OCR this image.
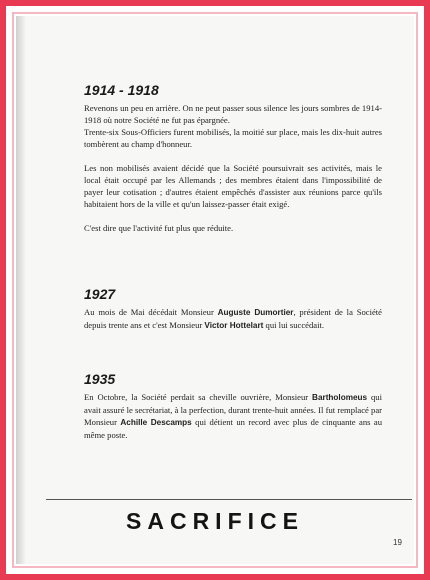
1914 - 1918

Revenons un peu en arrière. On ne peut passer sous silence les jours sombres de 1914-1918 où notre Société ne fut pas épargnée.

Trente-six Sous-Officiers furent mobilisés, la moitié sur place, mais les dix-huit autres tombèrent au champ d'honneur.

Les non mobilisés avaient décidé que la Société poursuivrait ses activités, mais le local était occupé par les Allemands ; des membres étaient dans l'impossibilité de payer leur cotisation ; d'autres étaient empêchés d'assister aux réunions parce qu'ils habitaient hors de la ville et qu'un laissez-passer était exigé.

C'est dire que l'activité fut plus que réduite.

1927

Au mois de Mai décédait Monsieur Auguste Dumortier, président de la Société depuis trente ans et c'est Monsieur Victor Hottelart qui lui succédait.

1935

En Octobre, la Société perdait sa cheville ouvrière, Monsieur Bartholomeus qui avait assuré le secrétariat, à la perfection, durant trente-huit années. Il fut remplacé par Monsieur Achille Descamps qui détient un record avec plus de cinquante ans au même poste.

SACRIFICE
19
